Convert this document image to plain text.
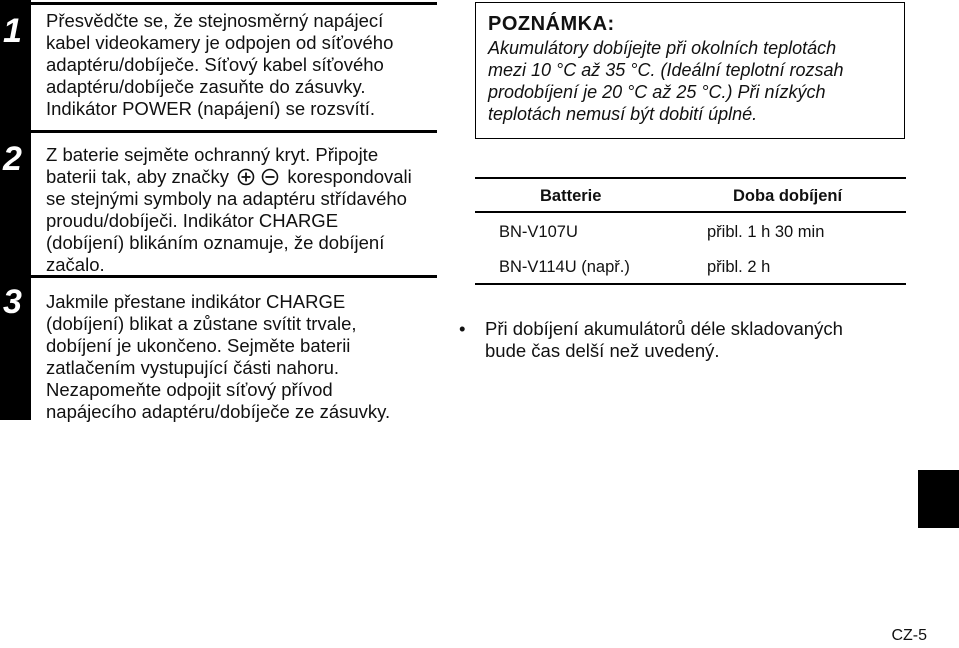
1
2
3
Přesvědčte se, že stejnosměrný napájecí
kabel videokamery je odpojen od síťového
adaptéru/dobíječe. Síťový kabel síťového
adaptéru/dobíječe zasuňte do zásuvky.
Indikátor POWER (napájení) se rozsvítí.
Z baterie sejměte ochranný kryt. Připojte
baterii tak, aby značky	korespondovali
se stejnými symboly na adaptéru střídavého
proudu/dobíječi. Indikátor CHARGE
(dobíjení) blikáním oznamuje, že dobíjení
začalo.
Jakmile přestane indikátor CHARGE
(dobíjení) blikat a zůstane svítit trvale,
dobíjení je ukončeno. Sejměte baterii
zatlačením vystupující části nahoru.
Nezapomeňte odpojit síťový přívod
napájecího adaptéru/dobíječe ze zásuvky.
POZNÁMKA:
Akumulátory dobíjejte při okolních teplotách
mezi 10 °C až 35 °C. (Ideální teplotní rozsah
prodobíjení je 20 °C až 25 °C.) Při nízkých
teplotách nemusí být dobití úplné.
Batterie	Doba dobíjení
BN-V107U	přibl. 1 h 30 min
BN-V114U (např.)	přibl. 2 h
• Při dobíjení akumulátorů déle skladovaných
bude čas delší než uvedený.
CZ-5
